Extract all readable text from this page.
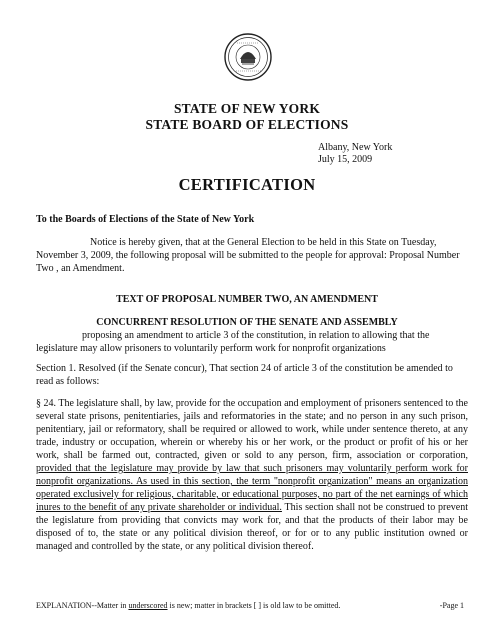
STATE OF NEW YORK
STATE BOARD OF ELECTIONS
Albany, New York
July 15, 2009
CERTIFICATION
To the Boards of Elections of the State of New York

Notice is hereby given, that at the General Election to be held in this State on Tuesday, November 3, 2009, the following proposal will be submitted to the people for approval: Proposal Number Two , an Amendment.

TEXT OF PROPOSAL NUMBER TWO, AN AMENDMENT
CONCURRENT RESOLUTION OF THE SENATE AND ASSEMBLY

proposing an amendment to article 3 of the constitution, in relation to allowing that the legislature may allow prisoners to voluntarily perform work for nonprofit organizations

Section 1. Resolved (if the Senate concur), That section 24 of article 3 of the constitution be amended to read as follows:

§ 24. The legislature shall, by law, provide for the occupation and employment of prisoners sentenced to the several state prisons, penitentiaries, jails and reformatories in the state; and no person in any such prison, penitentiary, jail or reformatory, shall be required or allowed to work, while under sentence thereto, at any trade, industry or occupation, wherein or whereby his or her work, or the product or profit of his or her work, shall be farmed out, contracted, given or sold to any person, firm, association or corporation, provided that the legislature may provide by law that such prisoners may voluntarily perform work for nonprofit organizations. As used in this section, the term "nonprofit organization" means an organization operated exclusively for religious, charitable, or educational purposes, no part of the net earnings of which inures to the benefit of any private shareholder or individual. This section shall not be construed to prevent the legislature from providing that convicts may work for, and that the products of their labor may be disposed of to, the state or any political division thereof, or for or to any public institution owned or managed and controlled by the state, or any political division thereof.

EXPLANATION--Matter in underscored is new; matter in brackets [ ] is old law to be omitted.	-Page 1
